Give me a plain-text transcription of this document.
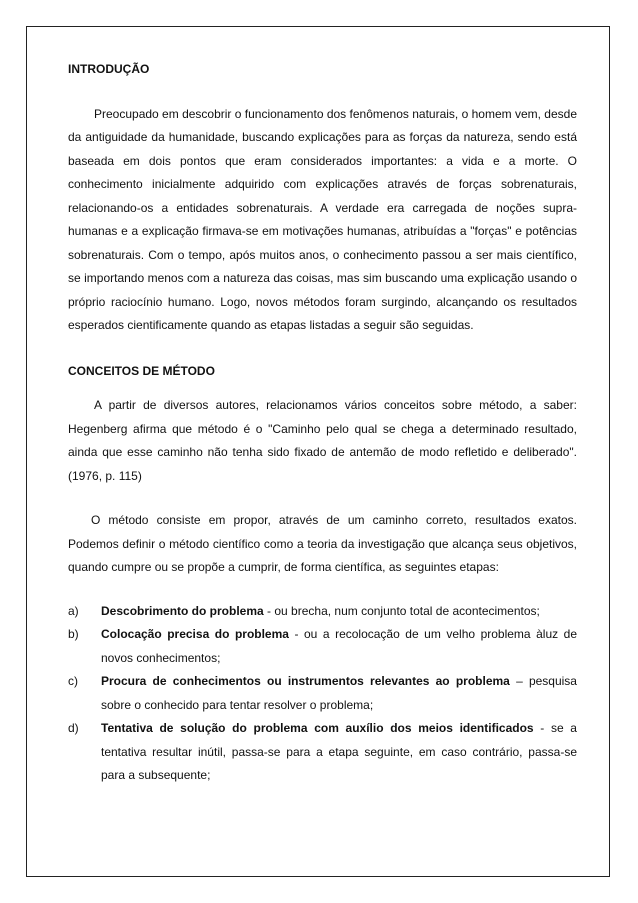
INTRODUÇÃO

Preocupado em descobrir o funcionamento dos fenômenos naturais, o homem vem, desde da antiguidade da humanidade, buscando explicações para as forças da natureza, sendo está baseada em dois pontos que eram considerados importantes: a vida e a morte. O conhecimento inicialmente adquirido com explicações através de forças sobrenaturais, relacionando-os a entidades sobrenaturais. A verdade era carregada de noções supra-humanas e a explicação firmava-se em motivações humanas, atribuídas a "forças" e potências sobrenaturais. Com o tempo, após muitos anos, o conhecimento passou a ser mais científico, se importando menos com a natureza das coisas, mas sim buscando uma explicação usando o próprio raciocínio humano. Logo, novos métodos foram surgindo, alcançando os resultados esperados cientificamente quando as etapas listadas a seguir são seguidas.

CONCEITOS DE MÉTODO

A partir de diversos autores, relacionamos vários conceitos sobre método, a saber: Hegenberg afirma que método é o "Caminho pelo qual se chega a determinado resultado, ainda que esse caminho não tenha sido fixado de antemão de modo refletido e deliberado". (1976, p. 115)

O método consiste em propor, através de um caminho correto, resultados exatos. Podemos definir o método científico como a teoria da investigação que alcança seus objetivos, quando cumpre ou se propõe a cumprir, de forma científica, as seguintes etapas:

a) Descobrimento do problema - ou brecha, num conjunto total de acontecimentos;
b) Colocação precisa do problema - ou a recolocação de um velho problema àluz de novos conhecimentos;
c) Procura de conhecimentos ou instrumentos relevantes ao problema – pesquisa sobre o conhecido para tentar resolver o problema;
d) Tentativa de solução do problema com auxílio dos meios identificados - se a tentativa resultar inútil, passa-se para a etapa seguinte, em caso contrário, passa-se para a subsequente;
